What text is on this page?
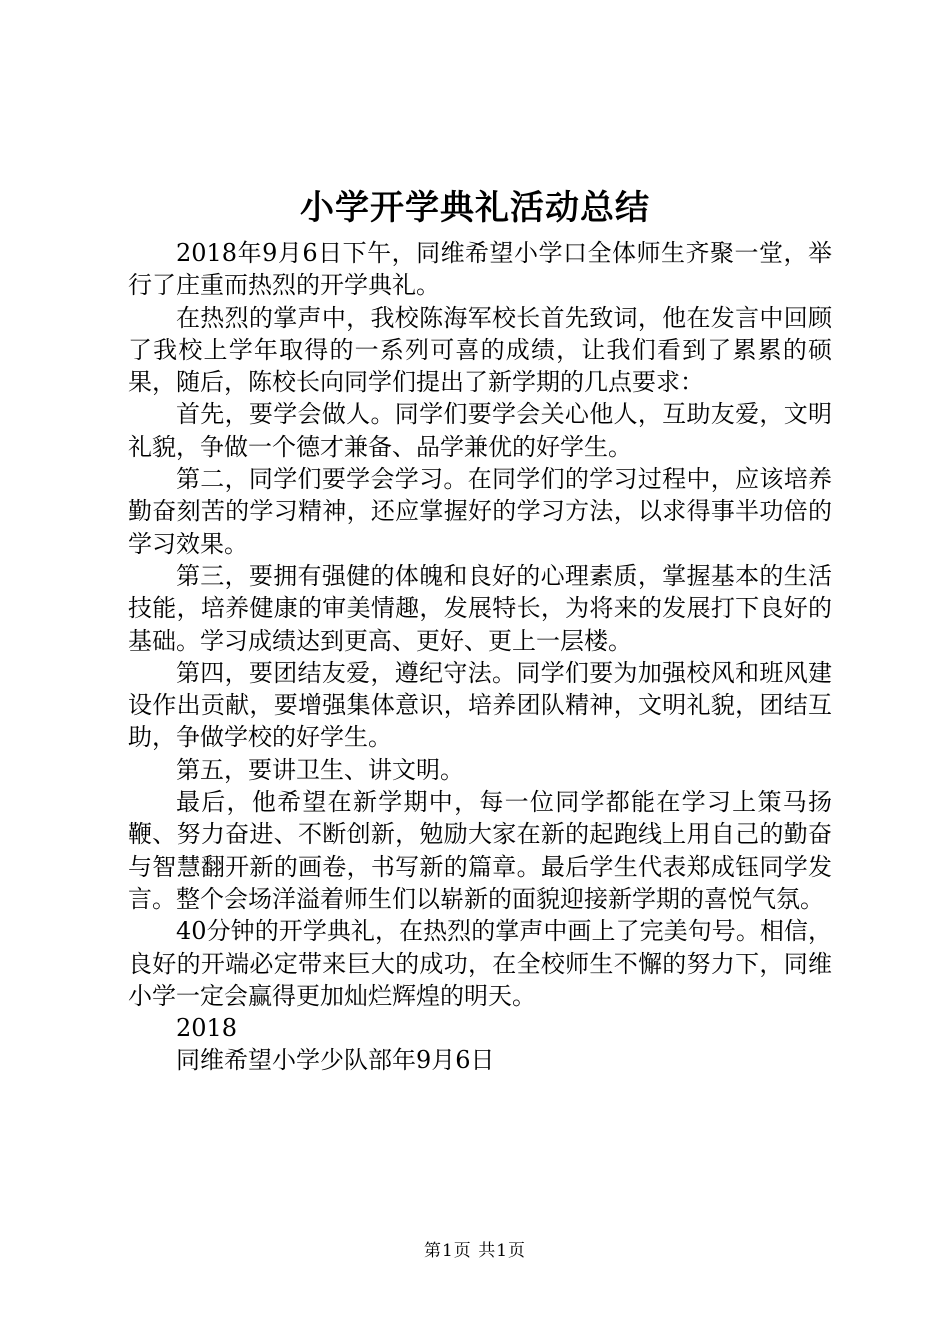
小学开学典礼活动总结

2018年9月6日下午，同维希望小学口全体师生齐聚一堂，举行了庄重而热烈的开学典礼。

在热烈的掌声中，我校陈海军校长首先致词，他在发言中回顾了我校上学年取得的一系列可喜的成绩，让我们看到了累累的硕果，随后，陈校长向同学们提出了新学期的几点要求：

首先，要学会做人。同学们要学会关心他人，互助友爱，文明礼貌，争做一个德才兼备、品学兼优的好学生。

第二，同学们要学会学习。在同学们的学习过程中，应该培养勤奋刻苦的学习精神，还应掌握好的学习方法，以求得事半功倍的学习效果。

第三，要拥有强健的体魄和良好的心理素质，掌握基本的生活技能，培养健康的审美情趣，发展特长，为将来的发展打下良好的基础。学习成绩达到更高、更好、更上一层楼。

第四，要团结友爱，遵纪守法。同学们要为加强校风和班风建设作出贡献，要增强集体意识，培养团队精神，文明礼貌，团结互助，争做学校的好学生。

第五，要讲卫生、讲文明。

最后，他希望在新学期中，每一位同学都能在学习上策马扬鞭、努力奋进、不断创新，勉励大家在新的起跑线上用自己的勤奋与智慧翻开新的画卷，书写新的篇章。最后学生代表郑成钰同学发言。整个会场洋溢着师生们以崭新的面貌迎接新学期的喜悦气氛。

40分钟的开学典礼，在热烈的掌声中画上了完美句号。相信，良好的开端必定带来巨大的成功，在全校师生不懈的努力下，同维小学一定会赢得更加灿烂辉煌的明天。

2018

同维希望小学少队部年9月6日

第1页 共1页
